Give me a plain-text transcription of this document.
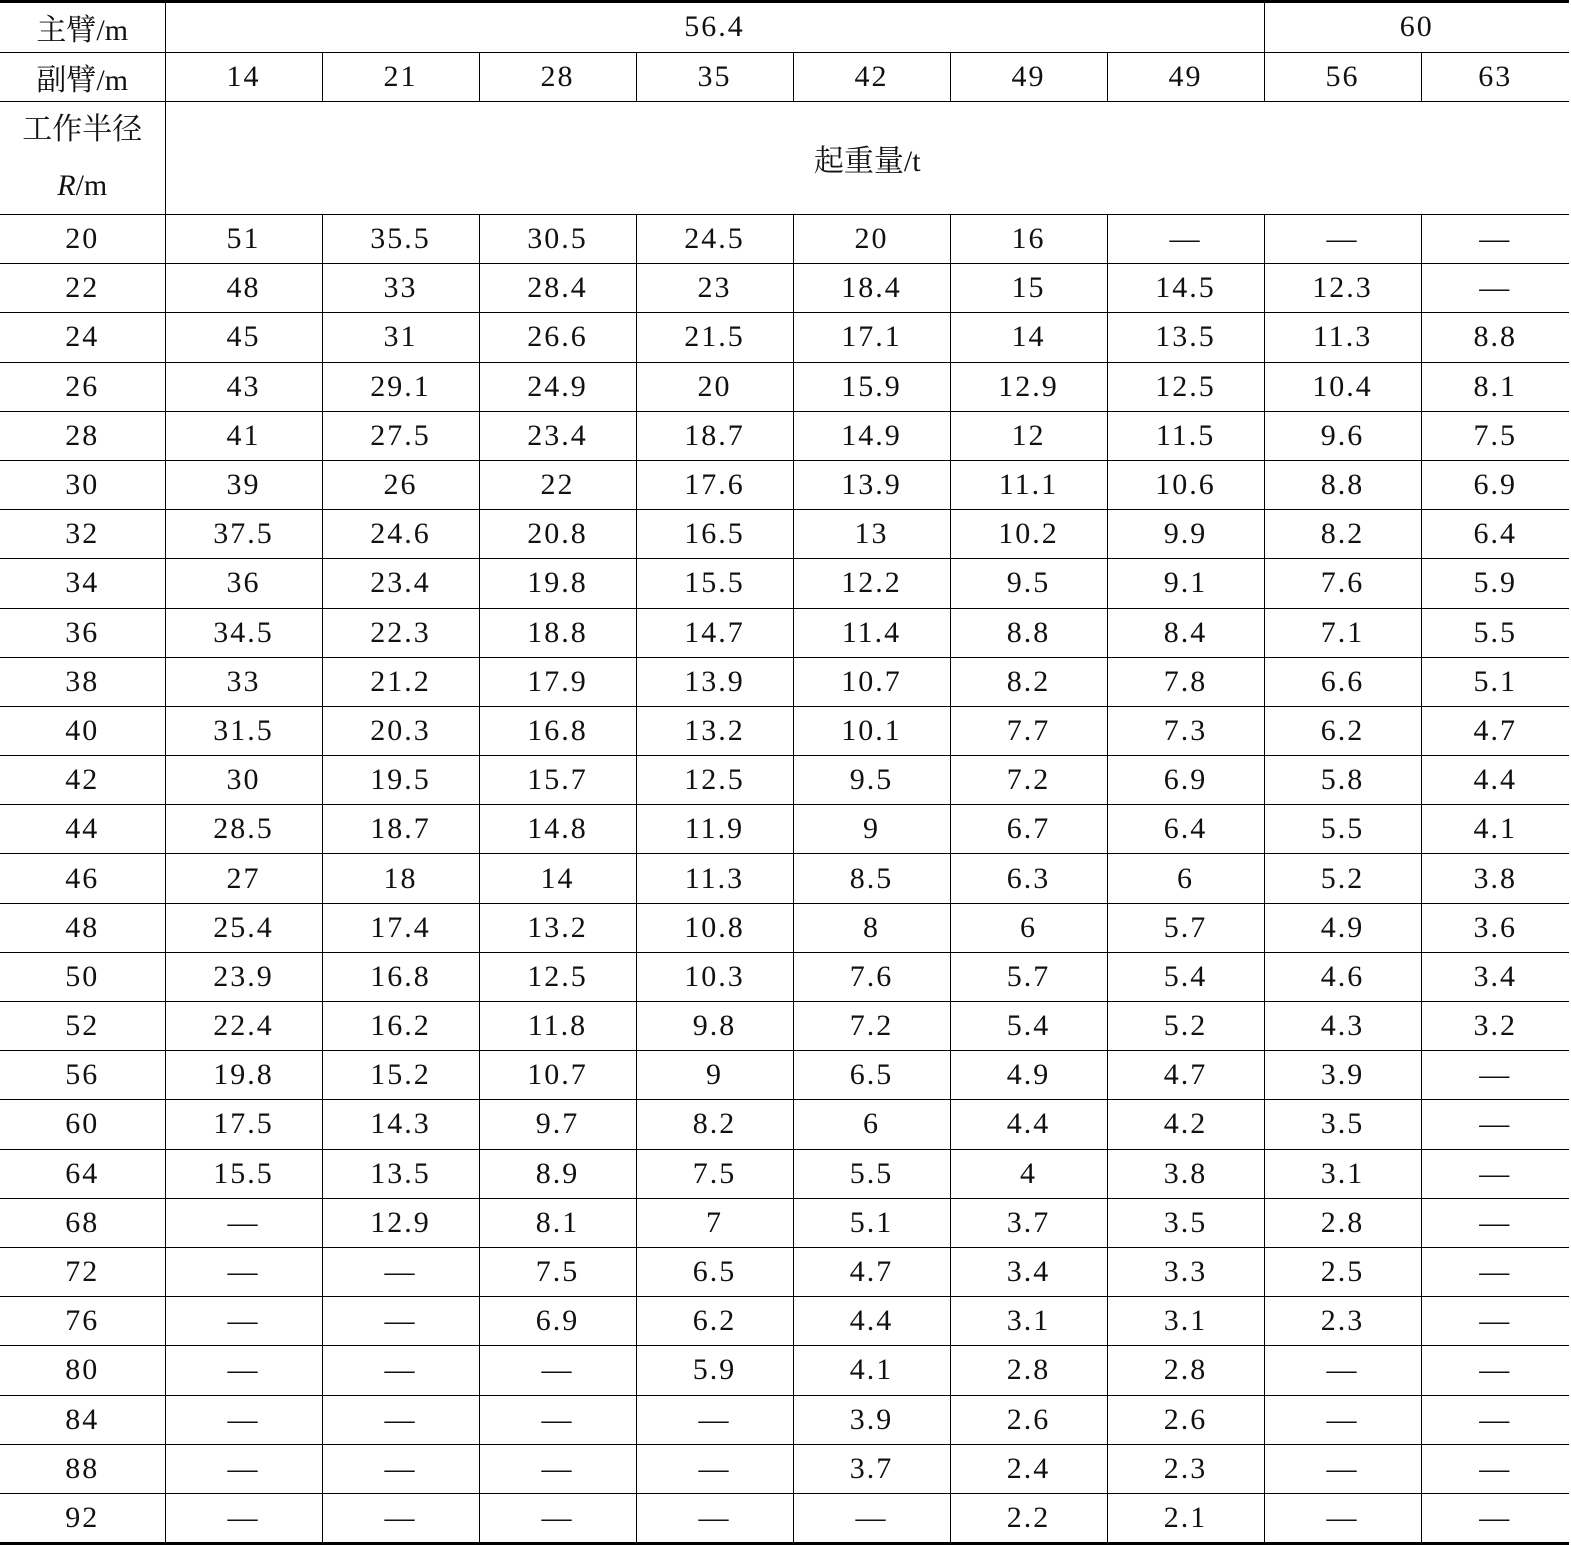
主臂/m	56.4							60	
副臂/m	14	21	28	35	42	49	49	56	63
工作半径
R/m	起重量/t								
20	51	35.5	30.5	24.5	20	16	—	—	—
22	48	33	28.4	23	18.4	15	14.5	12.3	—
24	45	31	26.6	21.5	17.1	14	13.5	11.3	8.8
26	43	29.1	24.9	20	15.9	12.9	12.5	10.4	8.1
28	41	27.5	23.4	18.7	14.9	12	11.5	9.6	7.5
30	39	26	22	17.6	13.9	11.1	10.6	8.8	6.9
32	37.5	24.6	20.8	16.5	13	10.2	9.9	8.2	6.4
34	36	23.4	19.8	15.5	12.2	9.5	9.1	7.6	5.9
36	34.5	22.3	18.8	14.7	11.4	8.8	8.4	7.1	5.5
38	33	21.2	17.9	13.9	10.7	8.2	7.8	6.6	5.1
40	31.5	20.3	16.8	13.2	10.1	7.7	7.3	6.2	4.7
42	30	19.5	15.7	12.5	9.5	7.2	6.9	5.8	4.4
44	28.5	18.7	14.8	11.9	9	6.7	6.4	5.5	4.1
46	27	18	14	11.3	8.5	6.3	6	5.2	3.8
48	25.4	17.4	13.2	10.8	8	6	5.7	4.9	3.6
50	23.9	16.8	12.5	10.3	7.6	5.7	5.4	4.6	3.4
52	22.4	16.2	11.8	9.8	7.2	5.4	5.2	4.3	3.2
56	19.8	15.2	10.7	9	6.5	4.9	4.7	3.9	—
60	17.5	14.3	9.7	8.2	6	4.4	4.2	3.5	—
64	15.5	13.5	8.9	7.5	5.5	4	3.8	3.1	—
68	—	12.9	8.1	7	5.1	3.7	3.5	2.8	—
72	—	—	7.5	6.5	4.7	3.4	3.3	2.5	—
76	—	—	6.9	6.2	4.4	3.1	3.1	2.3	—
80	—	—	—	5.9	4.1	2.8	2.8	—	—
84	—	—	—	—	3.9	2.6	2.6	—	—
88	—	—	—	—	3.7	2.4	2.3	—	—
92	—	—	—	—	—	2.2	2.1	—	—
